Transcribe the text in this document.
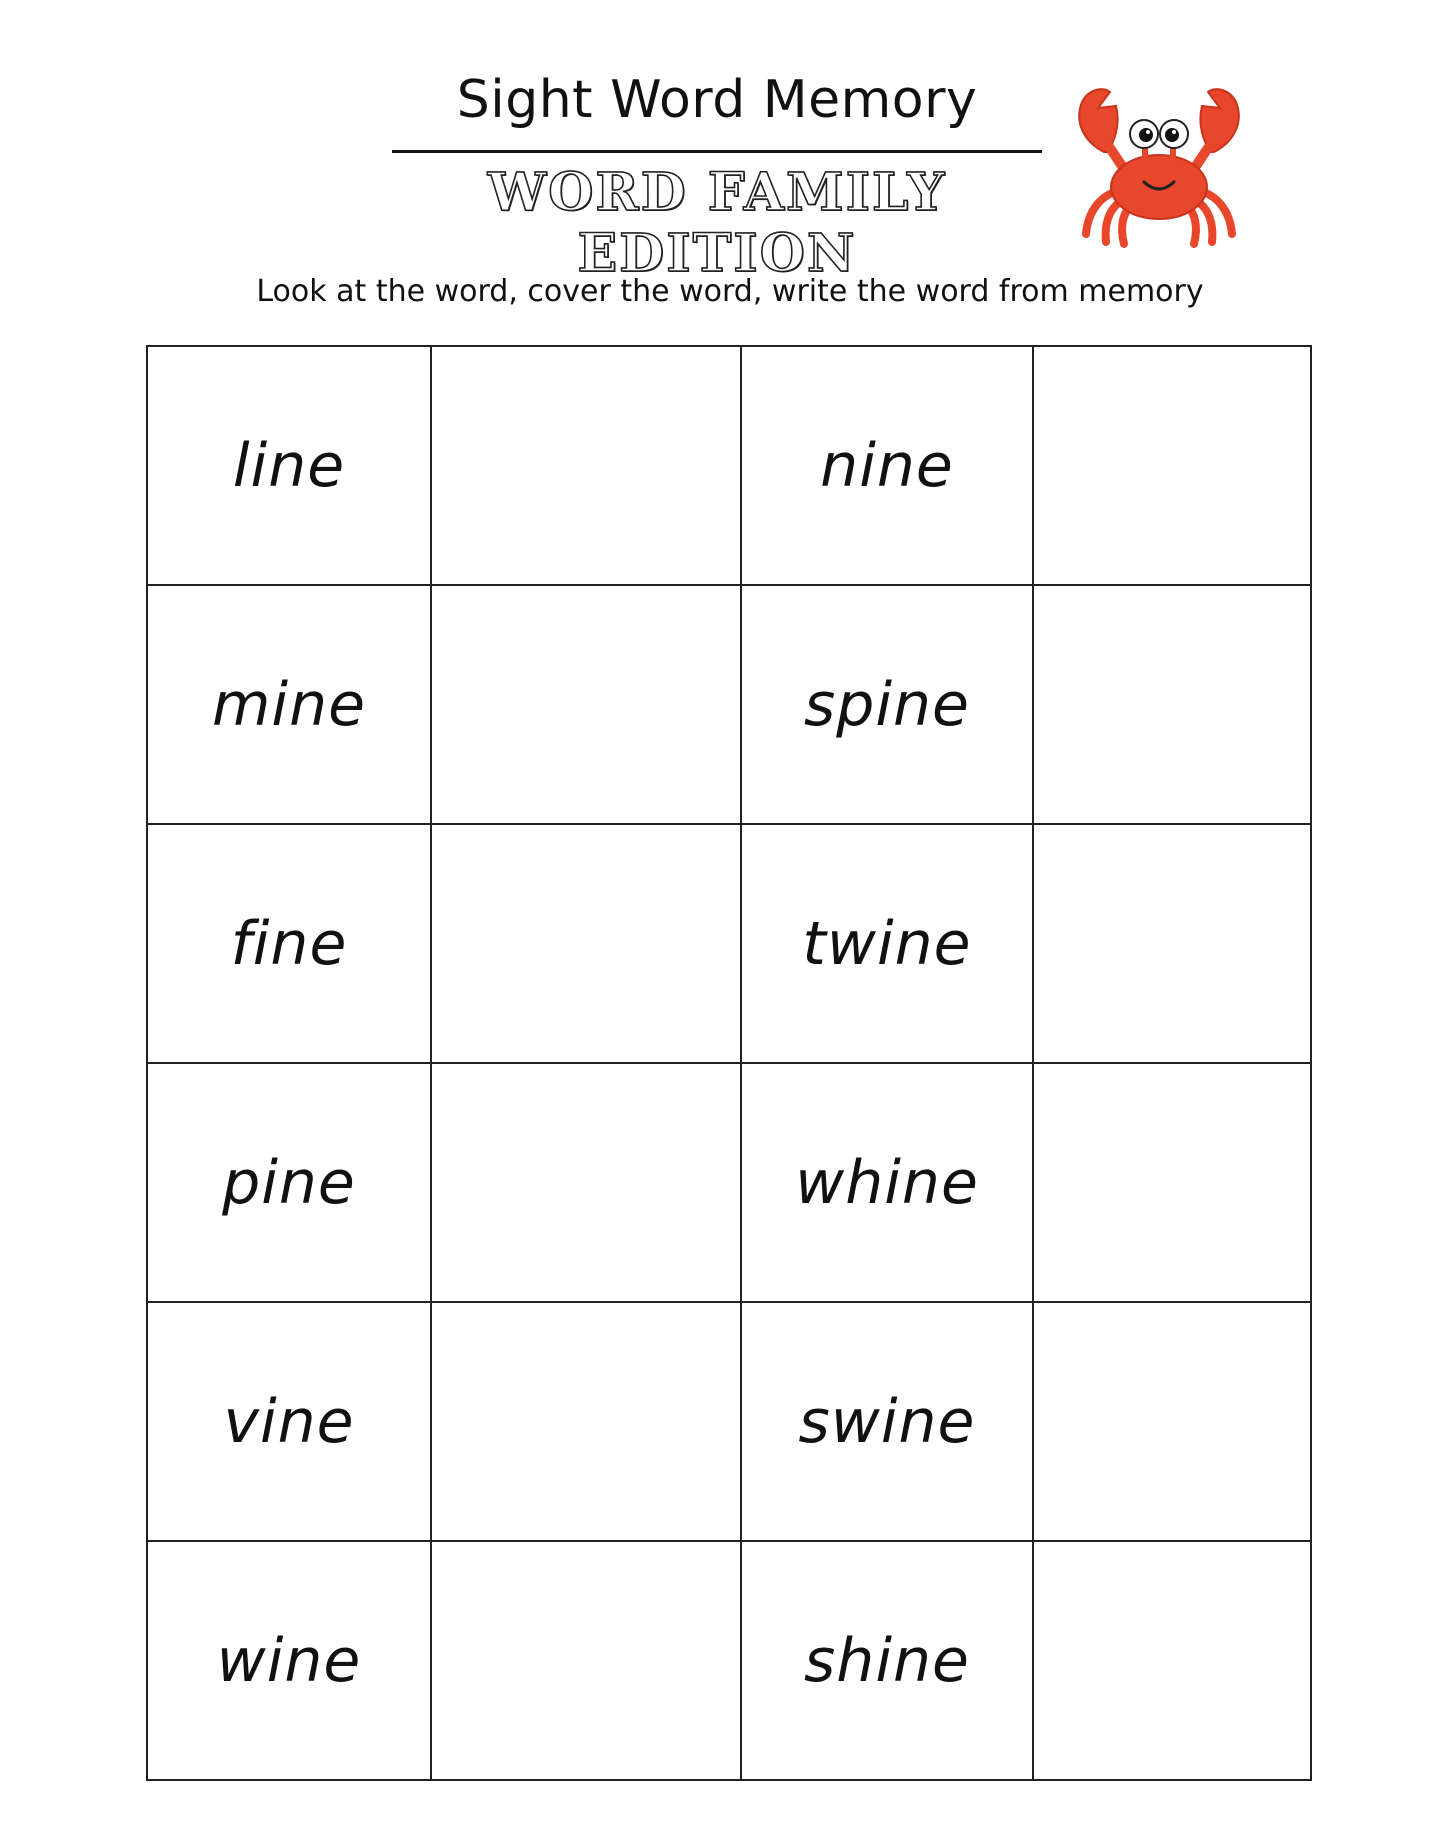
Sight Word Memory
WORD FAMILY EDITION

Look at the word, cover the word, write the word from memory

line		nine	
mine		spine	
fine		twine	
pine		whine	
vine		swine	
wine		shine	
